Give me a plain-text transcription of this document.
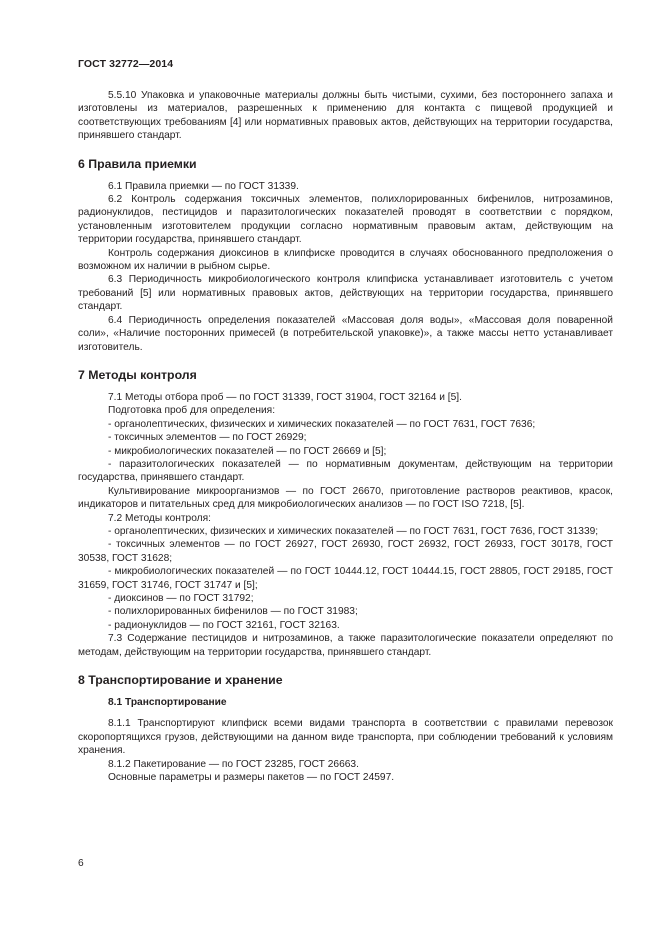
ГОСТ 32772—2014

5.5.10 Упаковка и упаковочные материалы должны быть чистыми, сухими, без постороннего запаха и изготовлены из материалов, разрешенных к применению для контакта с пищевой продукцией и соответствующих требованиям [4] или нормативных правовых актов, действующих на территории государства, принявшего стандарт.

6 Правила приемки

6.1 Правила приемки — по ГОСТ 31339.

6.2 Контроль содержания токсичных элементов, полихлорированных бифенилов, нитрозаминов, радионуклидов, пестицидов и паразитологических показателей проводят в соответствии с порядком, установленным изготовителем продукции согласно нормативным правовым актам, действующим на территории государства, принявшего стандарт.

Контроль содержания диоксинов в клипфиске проводится в случаях обоснованного предположения о возможном их наличии в рыбном сырье.

6.3 Периодичность микробиологического контроля клипфиска устанавливает изготовитель с учетом требований [5] или нормативных правовых актов, действующих на территории государства, принявшего стандарт.

6.4 Периодичность определения показателей «Массовая доля воды», «Массовая доля поваренной соли», «Наличие посторонних примесей (в потребительской упаковке)», а также массы нетто устанавливает изготовитель.

7 Методы контроля

7.1 Методы отбора проб — по ГОСТ 31339, ГОСТ 31904, ГОСТ 32164 и [5].

Подготовка проб для определения:

- органолептических, физических и химических показателей — по ГОСТ 7631, ГОСТ 7636;

- токсичных элементов — по ГОСТ 26929;

- микробиологических показателей — по ГОСТ 26669 и [5];

- паразитологических показателей — по нормативным документам, действующим на территории государства, принявшего стандарт.

Культивирование микроорганизмов — по ГОСТ 26670, приготовление растворов реактивов, красок, индикаторов и питательных сред для микробиологических анализов — по ГОСТ ISO 7218, [5].

7.2 Методы контроля:

- органолептических, физических и химических показателей — по ГОСТ 7631, ГОСТ 7636, ГОСТ 31339;

- токсичных элементов — по ГОСТ 26927, ГОСТ 26930, ГОСТ 26932, ГОСТ 26933, ГОСТ 30178, ГОСТ 30538, ГОСТ 31628;

- микробиологических показателей — по ГОСТ 10444.12, ГОСТ 10444.15, ГОСТ 28805, ГОСТ 29185, ГОСТ 31659, ГОСТ 31746, ГОСТ 31747 и [5];

- диоксинов — по ГОСТ 31792;

- полихлорированных бифенилов — по ГОСТ 31983;

- радионуклидов — по ГОСТ 32161, ГОСТ 32163.

7.3 Содержание пестицидов и нитрозаминов, а также паразитологические показатели определяют по методам, действующим на территории государства, принявшего стандарт.

8 Транспортирование и хранение
8.1 Транспортирование

8.1.1 Транспортируют клипфиск всеми видами транспорта в соответствии с правилами перевозок скоропортящихся грузов, действующими на данном виде транспорта, при соблюдении требований к условиям хранения.

8.1.2 Пакетирование — по ГОСТ 23285, ГОСТ 26663.

Основные параметры и размеры пакетов — по ГОСТ 24597.

6
